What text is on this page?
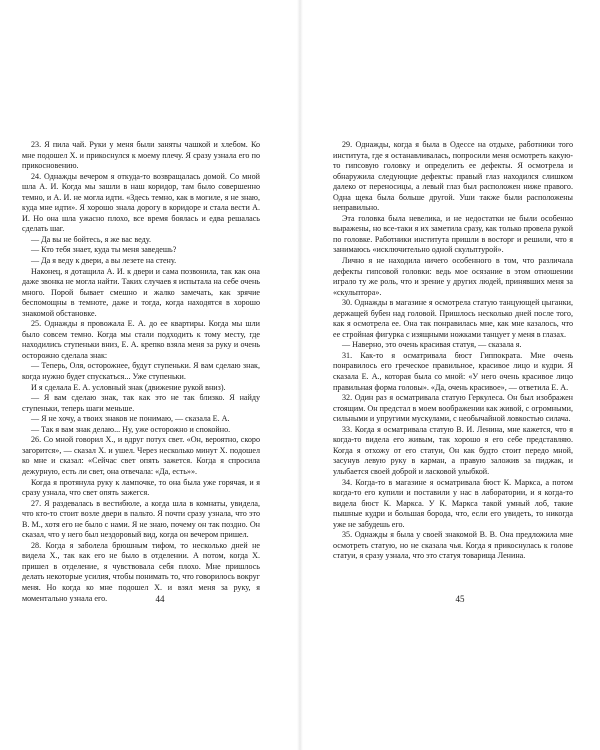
23. Я пила чай. Руки у меня были заняты чашкой и хлебом. Ко мне подошел Х. и прикоснулся к моему плечу. Я сразу узнала его по прикосновению.

24. Однажды вечером я откуда-то возвращалась домой. Со мной шла А. И. Когда мы зашли в наш коридор, там было совершенно темно, и А. И. не могла идти. «Здесь темно, как в могиле, я не знаю, куда мне идти». Я хорошо знала дорогу в коридоре и стала вести А. И. Но она шла ужасно плохо, все время боялась и едва решалась сделать шаг.

— Да вы не бойтесь, я же вас веду.

— Кто тебя знает, куда ты меня заведешь?

— Да я веду к двери, а вы лезете на стену.

Наконец, я дотащила А. И. к двери и сама позвонила, так как она даже звонка не могла найти. Таких случаев я испытала на себе очень много. Порой бывает смешно и жалко замечать, как зрячие беспомощны в темноте, даже и тогда, когда находятся в хорошо знакомой обстановке.

25. Однажды я провожала Е. А. до ее квартиры. Когда мы шли было совсем темно. Когда мы стали подходить к тому месту, где находились ступеньки вниз, Е. А. крепко взяла меня за руку и очень осторожно сделала знак:

— Теперь, Оля, осторожнее, будут ступеньки. Я вам сделаю знак, когда нужно будет спускаться... Уже ступеньки.

И я сделала Е. А. условный знак (движение рукой вниз).

— Я вам сделаю знак, так как это не так близко. Я найду ступеньки, теперь шаги меньше.

— Я не хочу, а твоих знаков не понимаю, — сказала Е. А.

— Так я вам знак делаю... Ну, уже осторожно и спокойно.

26. Со мной говорил Х., и вдруг потух свет. «Он, вероятно, скоро загорится», — сказал Х. и ушел. Через несколько минут Х. подошел ко мне и сказал: «Сейчас свет опять зажется. Когда я спросила дежурную, есть ли свет, она отвечала: «Да, есть»».

Когда я протянула руку к лампочке, то она была уже горячая, и я сразу узнала, что свет опять зажегся.

27. Я раздевалась в вестибюле, а когда шла в комнаты, увидела, что кто-то стоит возле двери в пальто. Я почти сразу узнала, что это В. М., хотя его не было с нами. Я не знаю, почему он так поздно. Он сказал, что у него был нездоровый вид, когда он вечером пришел.

28. Когда я заболела брюшным тифом, то несколько дней не видела Х., так как его не было в отделении. А потом, когда Х. пришел в отделение, я чувствовала себя плохо. Мне пришлось делать некоторые усилия, чтобы понимать то, что говорилось вокруг меня. Но когда ко мне подошел Х. и взял меня за руку, я моментально узнала его.	44

29. Однажды, когда я была в Одессе на отдыхе, работники того института, где я останавливалась, попросили меня осмотреть какую-то гипсовую головку и определить ее дефекты. Я осмотрела и обнаружила следующие дефекты: правый глаз находился слишком далеко от переносицы, а левый глаз был расположен ниже правого. Одна щека была больше другой. Уши также были расположены неправильно.

Эта головка была невелика, и не недостатки не были особенно выражены, но все-таки я их заметила сразу, как только провела рукой по головке. Работники института пришли в восторг и решили, что я занимаюсь «исключительно одной скульптурой».

Лично я не находила ничего особенного в том, что различала дефекты гипсовой головки: ведь мое осязание в этом отношении играло ту же роль, что и зрение у других людей, принявших меня за «скульптора».

30. Однажды в магазине я осмотрела статую танцующей цыганки, держащей бубен над головой. Пришлось несколько дней после того, как я осмотрела ее. Она так понравилась мне, как мне казалось, что ее стройная фигурка с изящными ножками танцует у меня в глазах.

— Наверно, это очень красивая статуя, — сказала я.

31. Как-то я осматривала бюст Гиппократа. Мне очень понравилось его греческое правильное, красивое лицо и кудри. Я сказала Е. А., которая была со мной: «У него очень красивое лицо правильная форма головы». «Да, очень красивое», — ответила Е. А.

32. Один раз я осматривала статую Геркулеса. Он был изображен стоящим. Он предстал в моем воображении как живой, с огромными, сильными и упругими мускулами, с необычайной ловкостью силача.

33. Когда я осматривала статую В. И. Ленина, мне кажется, что я когда-то видела его живым, так хорошо я его себе представляю. Когда я отхожу от его статуи, Он как будто стоит передо мной, засунув левую руку в карман, а правую заложив за пиджак, и улыбается своей доброй и ласковой улыбкой.

34. Когда-то в магазине я осматривала бюст К. Маркса, а потом когда-то его купили и поставили у нас в лаборатории, и я когда-то видела бюст К. Маркса. У К. Маркса такой умный лоб, такие пышные кудри и большая борода, что, если его увидеть, то никогда уже не забудешь его.

35. Однажды я была у своей знакомой В. В. Она предложила мне осмотреть статую, но не сказала чья. Когда я прикоснулась к голове статуи, я сразу узнала, что это статуя товарища Ленина.

45
